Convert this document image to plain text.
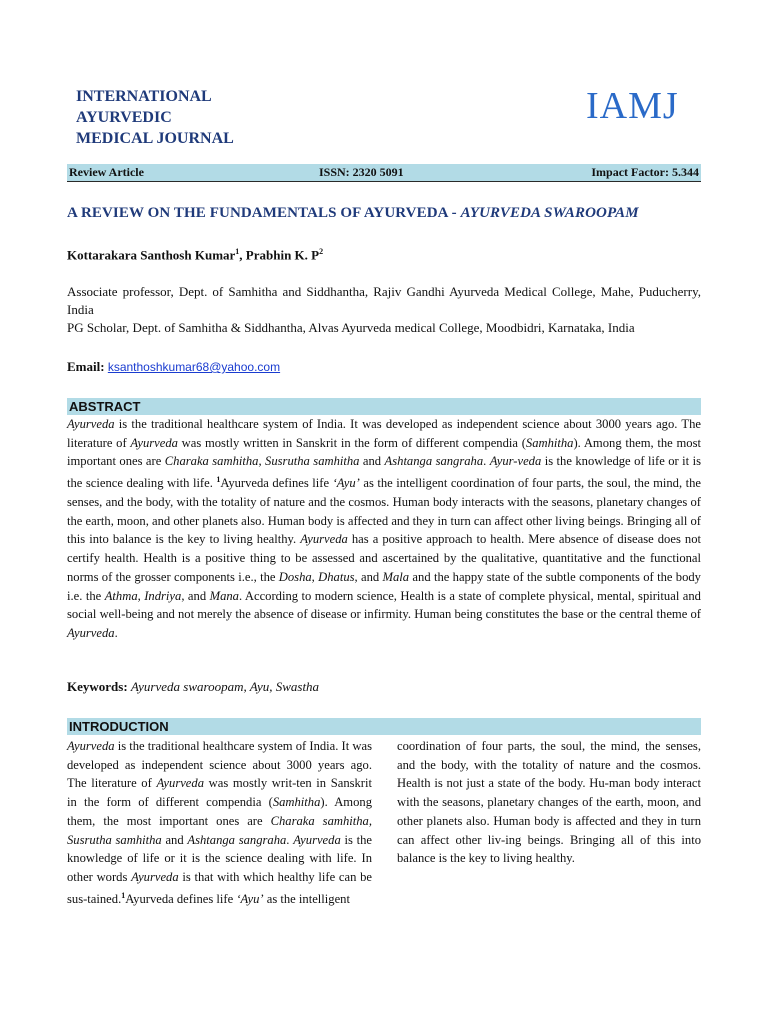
INTERNATIONAL
AYURVEDIC
MEDICAL JOURNAL
IAMJ
Review Article	ISSN: 2320 5091	Impact Factor: 5.344
A REVIEW ON THE FUNDAMENTALS OF AYURVEDA - AYURVEDA SWAROOPAM
Kottarakara Santhosh Kumar$^1$, Prabhin K. $P^2$
Associate professor, Dept. of Samhitha and Siddhantha, Rajiv Gandhi Ayurveda Medical College, Mahe, Puducherry, India
PG Scholar, Dept. of Samhitha & Siddhantha, Alvas Ayurveda medical College, Moodbidri, Karnataka, India
Email: ksanthoshkumar68@yahoo.com
ABSTRACT
Ayurveda is the traditional healthcare system of India. It was developed as independent science about 3000 years ago. The literature of Ayurveda was mostly written in Sanskrit in the form of different compendia (Samhitha). Among them, the most important ones are Charaka samhitha, Susrutha samhitha and Ashtanga sangraha. Ayur-veda is the knowledge of life or it is the science dealing with life. $^1$Ayurveda defines life ‘Ayu’ as the intelligent coordination of four parts, the soul, the mind, the senses, and the body, with the totality of nature and the cosmos. Human body interacts with the seasons, planetary changes of the earth, moon, and other planets also. Human body is affected and they in turn can affect other living beings. Bringing all of this into balance is the key to living healthy. Ayurveda has a positive approach to health. Mere absence of disease does not certify health. Health is a positive thing to be assessed and ascertained by the qualitative, quantitative and the functional norms of the grosser components i.e., the Dosha, Dhatus, and Mala and the happy state of the subtle components of the body i.e. the Athma, Indriya, and Mana. According to modern science, Health is a state of complete physical, mental, spiritual and social well-being and not merely the absence of disease or infirmity. Human being constitutes the base or the central theme of Ayurveda.
Keywords: Ayurveda swaroopam, Ayu, Swastha
INTRODUCTION
Ayurveda is the traditional healthcare system of India. It was developed as independent science about 3000 years ago. The literature of Ayurveda was mostly writ-ten in Sanskrit in the form of different compendia (Samhitha). Among them, the most important ones are Charaka samhitha, Susrutha samhitha and Ashtanga sangraha. Ayurveda is the knowledge of life or it is the science dealing with life. In other words Ayurveda is that with which healthy life can be sus-tained.$^1$Ayurveda defines life ‘Ayu’ as the intelligent
coordination of four parts, the soul, the mind, the senses, and the body, with the totality of nature and the cosmos. Health is not just a state of the body. Hu-man body interact with the seasons, planetary changes of the earth, moon, and other planets also. Human body is affected and they in turn can affect other liv-ing beings. Bringing all of this into balance is the key to living healthy.
